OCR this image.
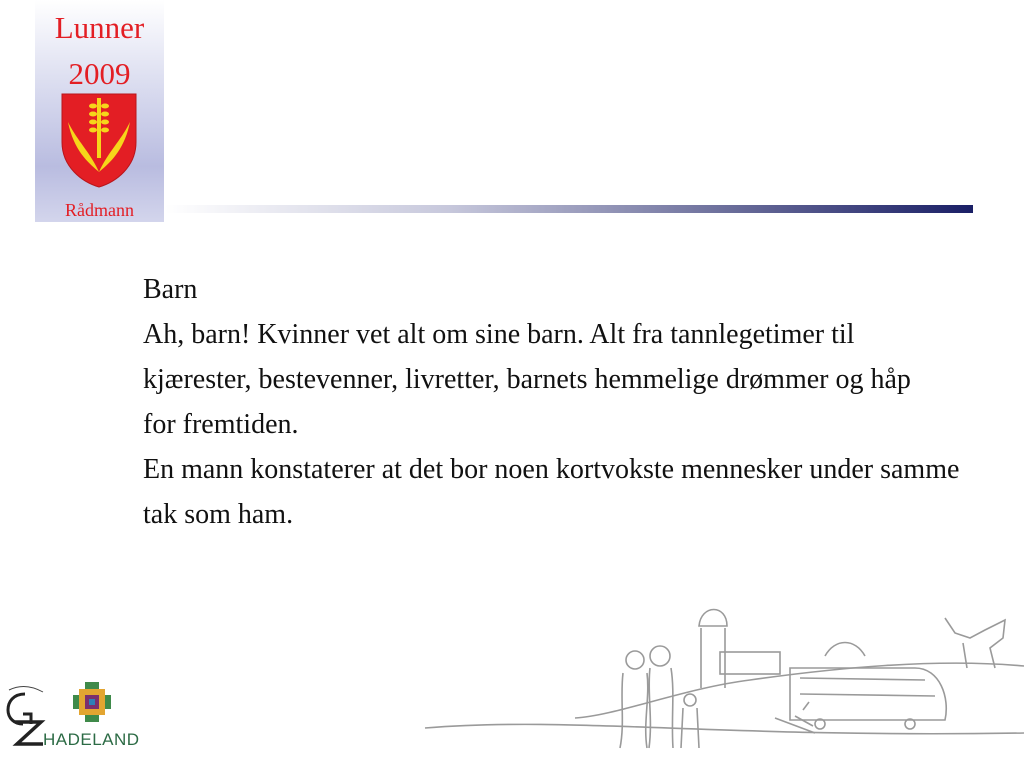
Lunner
2009
Rådmann

Barn

Ah, barn! Kvinner vet alt om sine barn. Alt fra tannlegetimer til

kjærester, bestevenner, livretter, barnets hemmelige drømmer og håp

for fremtiden.

En mann konstaterer at det bor noen kortvokste mennesker under samme

tak som ham.

HADELAND
